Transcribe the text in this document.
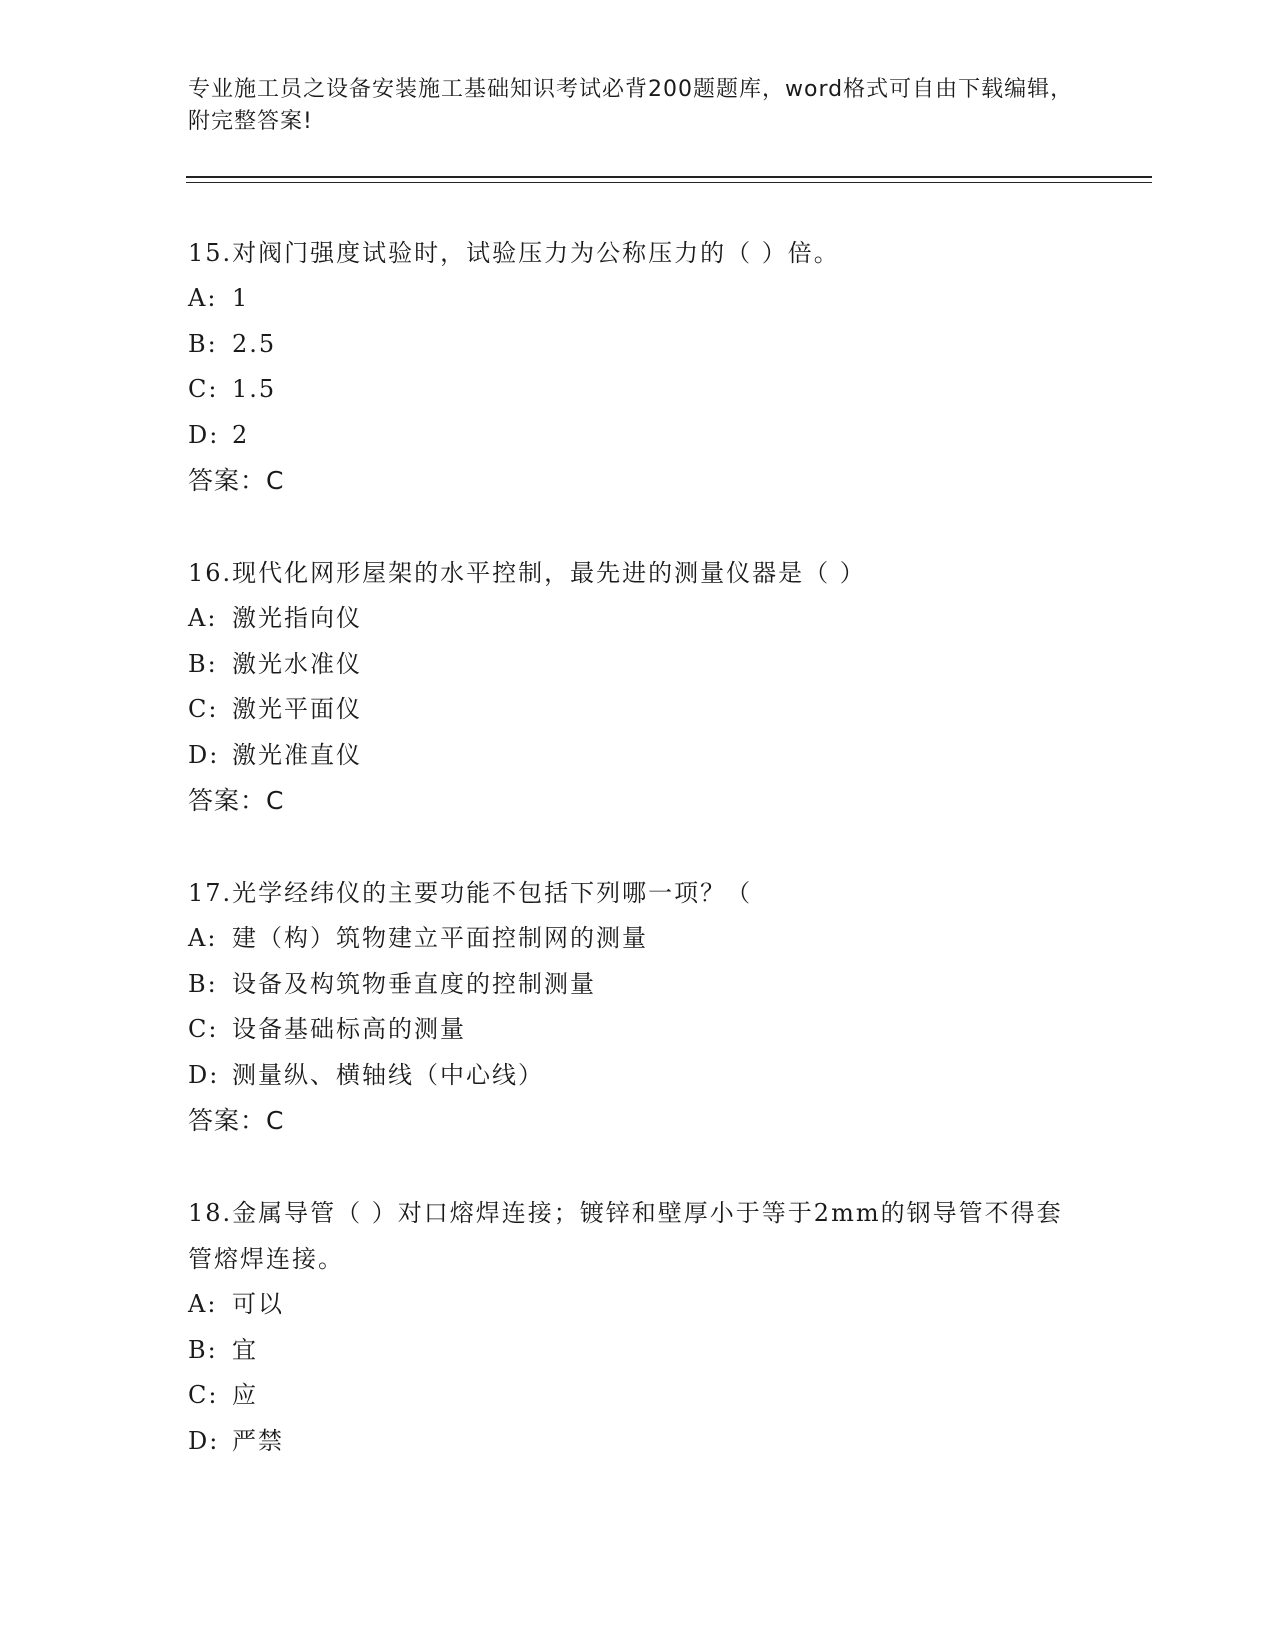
专业施工员之设备安装施工基础知识考试必背200题题库，word格式可自由下载编辑，附完整答案!
15.对阀门强度试验时，试验压力为公称压力的（ ）倍。
A: 1
B: 2.5
C: 1.5
D: 2
答案：C
16.现代化网形屋架的水平控制，最先进的测量仪器是（ ）
A: 激光指向仪
B: 激光水准仪
C: 激光平面仪
D: 激光准直仪
答案：C
17.光学经纬仪的主要功能不包括下列哪一项？（
A: 建（构）筑物建立平面控制网的测量
B: 设备及构筑物垂直度的控制测量
C: 设备基础标高的测量
D: 测量纵、横轴线（中心线）
答案：C
18.金属导管（ ）对口熔焊连接；镀锌和壁厚小于等于2mm的钢导管不得套管熔焊连接。
A: 可以
B: 宜
C: 应
D: 严禁
